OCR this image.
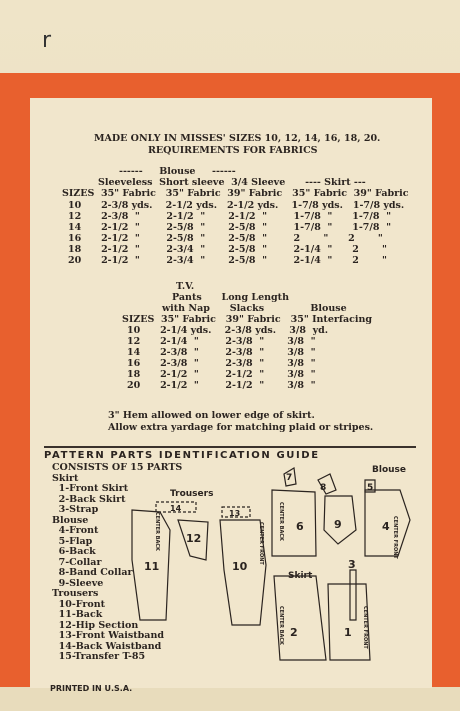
r
MADE ONLY IN MISSES' SIZES 10, 12, 14, 16, 18, 20.
REQUIREMENTS FOR FABRICS
------     Blouse     ------
Sleeveless  Short sleeve  3/4 Sleeve      ---- Skirt ---
SIZES  35" Fabric   35" Fabric  39" Fabric   35" Fabric  39" Fabric
10      2-3/8 yds.    2-1/2 yds.   2-1/2 yds.    1-7/8 yds.   1-7/8 yds.
12      2-3/8  "        2-1/2  "       2-1/2  "        1-7/8  "      1-7/8  "
14      2-1/2  "        2-5/8  "       2-5/8  "        1-7/8  "      1-7/8  "
16      2-1/2  "        2-5/8  "       2-5/8  "        2       "      2       "
18      2-1/2  "        2-3/4  "       2-5/8  "        2-1/4  "      2       "
20      2-1/2  "        2-3/4  "       2-5/8  "        2-1/4  "      2       "
T.V.
Pants      Long Length
with Nap      Slacks              Blouse
SIZES  35" Fabric   39" Fabric   35" Interfacing
10      2-1/4 yds.    2-3/8 yds.    3/8  yd.
12      2-1/4  "        2-3/8  "       3/8  "
14      2-3/8  "        2-3/8  "       3/8  "
16      2-3/8  "        2-3/8  "       3/8  "
18      2-1/2  "        2-1/2  "       3/8  "
20      2-1/2  "        2-1/2  "       3/8  "
3" Hem allowed on lower edge of skirt.
Allow extra yardage for matching plaid or stripes.
PATTERN PARTS IDENTIFICATION GUIDE
CONSISTS OF 15 PARTS
Skirt
1-Front Skirt
2-Back Skirt
3-Strap
Blouse
4-Front
5-Flap
6-Back
7-Collar
8-Band Collar
9-Sleeve
Trousers
10-Front
11-Back
12-Hip Section
13-Front Waistband
14-Back Waistband
15-Transfer T-85
Trousers
Blouse
Skirt
14
13
11
12
10
2	1
3
6	9	4
8
7
5
CENTER BACK	CENTER FRONT
CENTER BACK	CENTER FRONT
CENTER BACK	CENTER FRONT
PRINTED IN U.S.A.
